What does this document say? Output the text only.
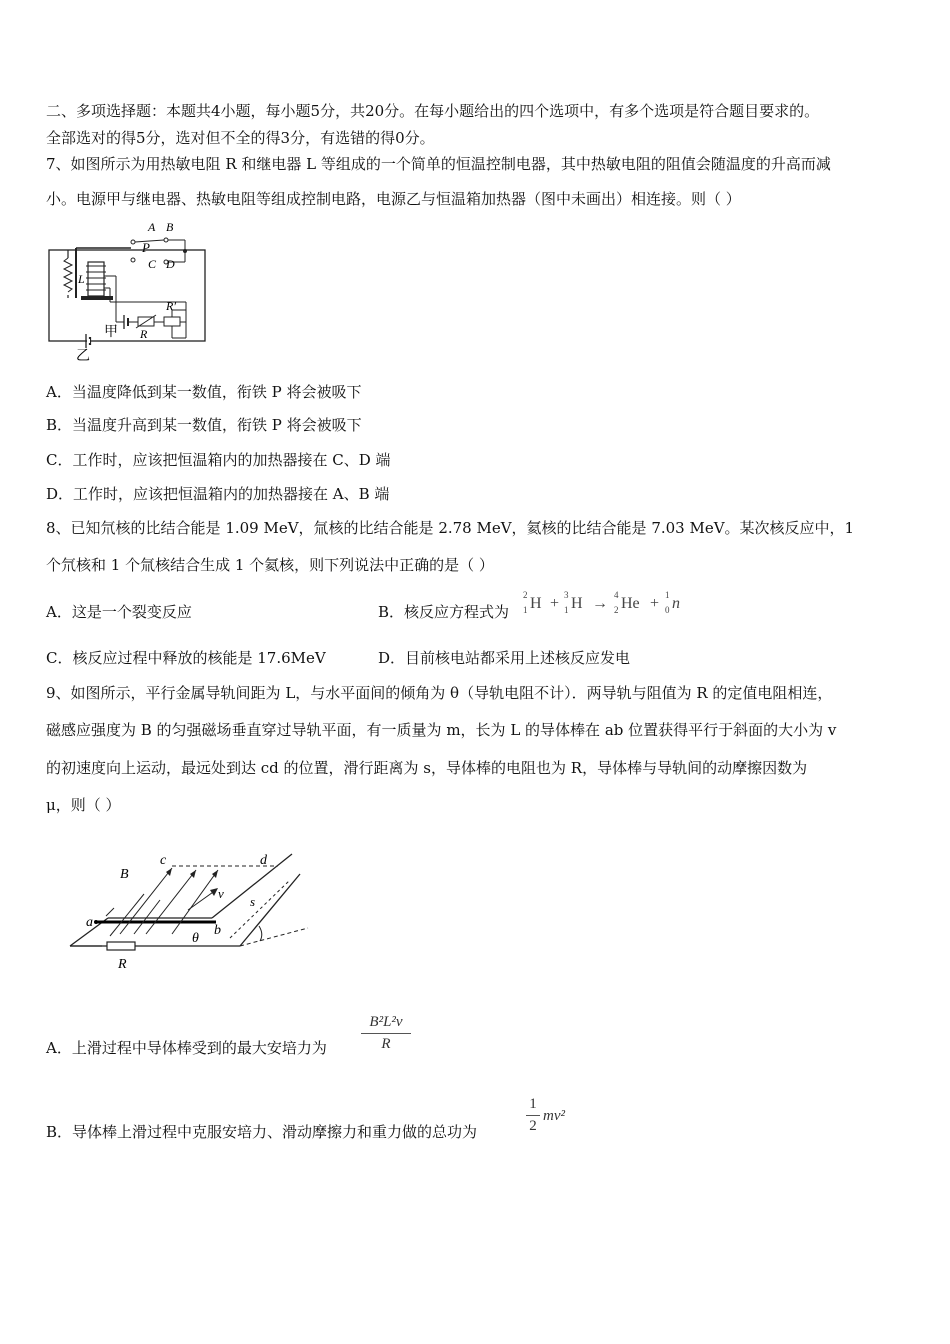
二、多项选择题：本题共4小题，每小题5分，共20分。在每小题给出的四个选项中，有多个选项是符合题目要求的。
全部选对的得5分，选对但不全的得3分，有选错的得0分。
7、如图所示为用热敏电阻 R 和继电器 L 等组成的一个简单的恒温控制电器，其中热敏电阻的阻值会随温度的升高而减
小。电源甲与继电器、热敏电阻等组成控制电路，电源乙与恒温箱加热器（图中未画出）相连接。则（ ）
A B
P
C D
L
R′
R
甲
乙
A．当温度降低到某一数值，衔铁 P 将会被吸下
B．当温度升高到某一数值，衔铁 P 将会被吸下
C．工作时，应该把恒温箱内的加热器接在 C、D 端
D．工作时，应该把恒温箱内的加热器接在 A、B 端
8、已知氘核的比结合能是 1.09 MeV，氚核的比结合能是 2.78 MeV，氦核的比结合能是 7.03 MeV。某次核反应中，1
个氘核和 1 个氚核结合生成 1 个氦核，则下列说法中正确的是（ ）
A．这是一个裂变反应	B．核反应方程式为
2
1
3
1
4
2
1
0
H + H → He + n
C．核反应过程中释放的核能是 17.6MeV	D．目前核电站都采用上述核反应发电
9、如图所示，平行金属导轨间距为 L，与水平面间的倾角为 θ（导轨电阻不计）．两导轨与阻值为 R 的定值电阻相连，
磁感应强度为 B 的匀强磁场垂直穿过导轨平面，有一质量为 m，长为 L 的导体棒在 ab 位置获得平行于斜面的大小为 v
的初速度向上运动，最远处到达 cd 的位置，滑行距离为 s，导体棒的电阻也为 R，导体棒与导轨间的动摩擦因数为
μ，则（ ）
θ
R
a
b
c	d
B
v
s
A．上滑过程中导体棒受到的最大安培力为
B²L²v
R
B．导体棒上滑过程中克服安培力、滑动摩擦力和重力做的总功为
1
2
mv²
